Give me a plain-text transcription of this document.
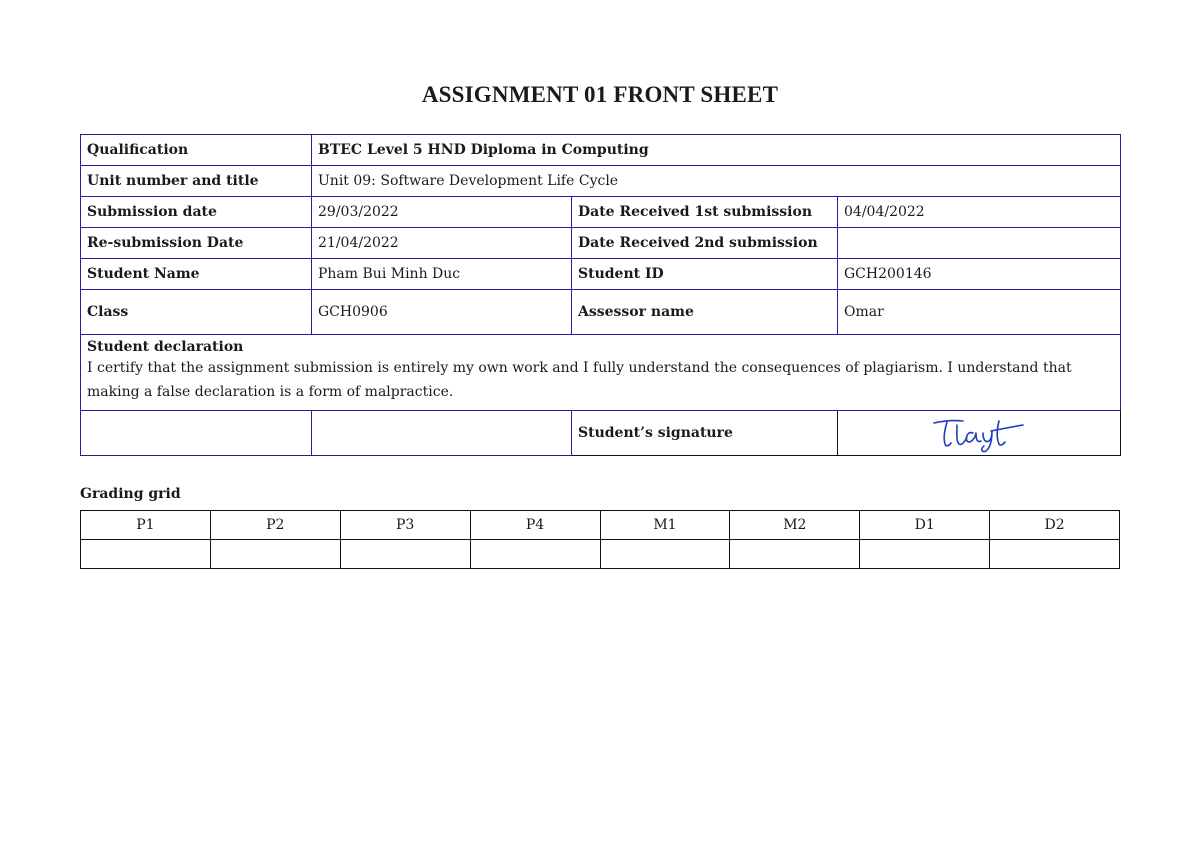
ASSIGNMENT 01 FRONT SHEET
Qualification	BTEC Level 5 HND Diploma in Computing		
Unit number and title	Unit 09: Software Development Life Cycle		
Submission date	29/03/2022	Date Received 1st submission	04/04/2022
Re-submission Date	21/04/2022	Date Received 2nd submission	
Student Name	Pham Bui Minh Duc	Student ID	GCH200146
Class	GCH0906	Assessor name	Omar

Student declaration
I certify that the assignment submission is entirely my own work and I fully understand the consequences of plagiarism. I understand that making a false declaration is a form of malpractice.			
		Student’s signature	
Grading grid
P1	P2	P3	P4	M1	M2	D1	D2
